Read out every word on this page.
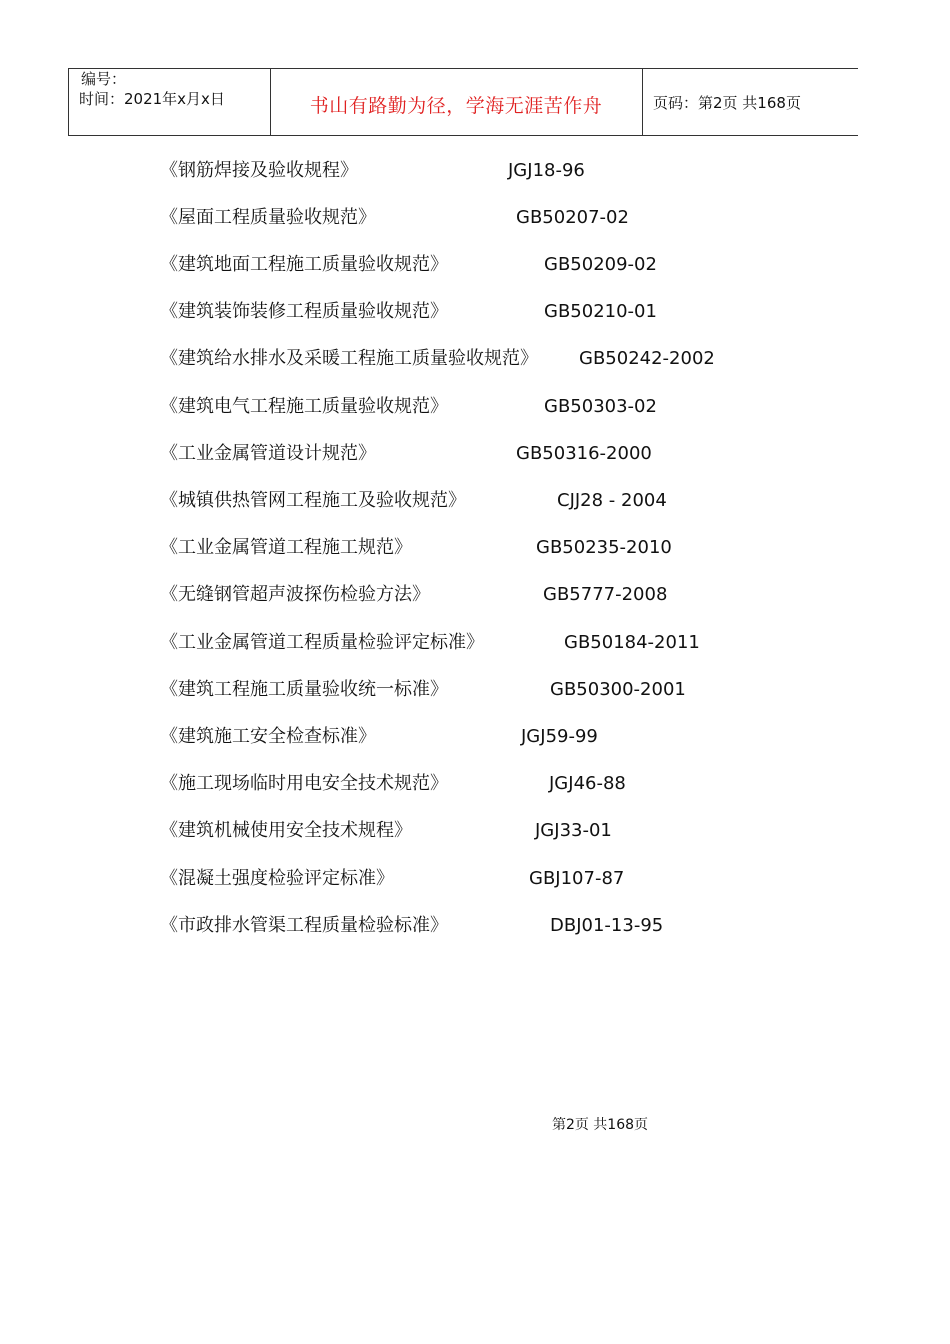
编号：
时间：2021年x月x日	书山有路勤为径，学海无涯苦作舟	页码：第2页 共168页
《钢筋焊接及验收规程》	JGJ18-96
《屋面工程质量验收规范》	GB50207-02
《建筑地面工程施工质量验收规范》	GB50209-02
《建筑装饰装修工程质量验收规范》	GB50210-01
《建筑给水排水及采暖工程施工质量验收规范》 GB50242-2002
《建筑电气工程施工质量验收规范》	GB50303-02
《工业金属管道设计规范》	GB50316-2000
《城镇供热管网工程施工及验收规范》	CJJ28 - 2004
《工业金属管道工程施工规范》	GB50235-2010
《无缝钢管超声波探伤检验方法》	GB5777-2008
《工业金属管道工程质量检验评定标准》	GB50184-2011
《建筑工程施工质量验收统一标准》	GB50300-2001
《建筑施工安全检查标准》	JGJ59-99
《施工现场临时用电安全技术规范》	JGJ46-88
《建筑机械使用安全技术规程》	JGJ33-01
《混凝土强度检验评定标准》	GBJ107-87
《市政排水管渠工程质量检验标准》	DBJ01-13-95
第2页 共168页
